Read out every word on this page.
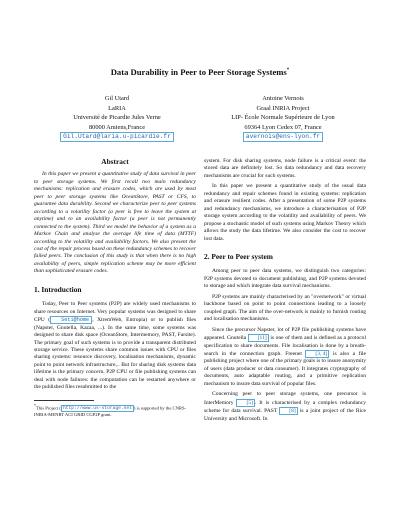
Data Durability in Peer to Peer Storage Systems*
Gil Utard
LaRIA
Université de Picardie Jules Verne
80000 Amiens,France
Gil.Utard@laria.u-picardie.fr
Antoine Vernois
Graal INRIA Project
LIP- École Normale Supérieure de Lyon
69364 Lyon Cedex 07, France
avernois@ens-lyon.fr
Abstract

In this paper we present a quantitative study of data survival in peer to peer storage systems. We first recall two main redundancy mechanisms: replication and erasure codes, which are used by most peer to peer storage systems like OceanStore, PAST or CFS, to guarantee data durability. Second we characterize peer to peer systems according to a volatility factor (a peer is free to leave the system at anytime) and to an availability factor (a peer is not permanently connected to the system). Third we model the behavior of a system as a Markov Chain and analyse the average life time of data (MTTF) according to the volatility and availability factors. We also present the cost of the repair process based on these redundancy schemes to recover failed peers. The conclusion of this study is that when there is no high availability of peers, simple replication scheme may be more efficient than sophisticated erasure codes.

1. Introduction

Today, Peer to Peer systems (P2P) are widely used mechanisms to share resources on Internet. Very popular systems was designed to share CPU ( Seti@home , XtremWeb, Entropia) or to publish files (Napster, Gnutella, Kazaa, ...). In the same time, some systems was designed to share disk space (OceanStore, Intermemory, PAST, Farsite). The primary goal of such systems is to provide a transparent distributed storage service. These systems share common issues with CPU or files sharing systems: resource discovery, localisation mechanisms, dynamic point to point network infrastructure,.. But for sharing disk systems data lifetime is the primary concern. P2P CPU or file publishing systems can deal with node failures: the computation can be restarted anywhere or the published files resubmitted to the

*This Project ( http://www.us-storage.net ) is supported by the CNRS-INRIA-MENRT ACI GRID CGP2P grant.

system. For disk sharing systems, node failure is a critical event: the stored data are definitely lost. So data redundancy and data recovery mechanisms are crucial for such systems.

In this paper we present a quantitative study of the usual data redundancy and repair schemes found in existing systems: replication and erasure resilient codes. After a presentation of some P2P systems and redundancy mechanisms, we introduce a characterisation of P2P storage system according to the volatility and availability of peers. We propose a stochastic model of such systems using Markov Theory which allows the study the data lifetime. We also consider the cost to recover lost data.

2. Peer to Peer system

Among peer to peer data systems, we distinguish two categories: P2P systems devoted to document publishing, and P2P systems devoted to storage and which integrate data survival mechanisms.

P2P systems are mainly characterised by an "overnetwork" or virtual backbone based on point to point connections leading to a loosely coupled graph. The aim of the over-network is mainly to furnish routing and localisation mechanisms.

Since the precursor Napster, lot of P2P file publishing systems have appeared. Gnutella [11] is one of them and is defined as a protocol specification to share documents. File localisation is done by a breath-search in the connection graph. Freenet [3, 4] is also a file publishing project where one of the primary goals is to insure anonymity of users (data producer or data consumer). It integrates cryptography of documents, auto adaptable routing, and a primitive replication mechanism to insure data survival of popular files.

Concerning peer to peer storage systems, one precursor is InterMemory [5] . It is characterised by a complex redundancy scheme for data survival. PAST [8] is a joint project of the Rice University and Microsoft. In
